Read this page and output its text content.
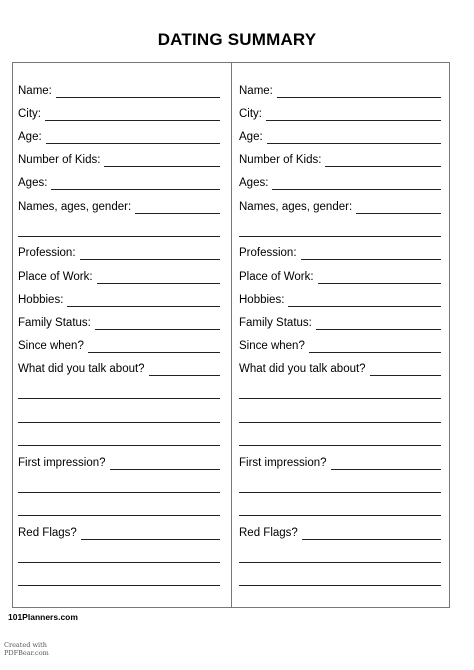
DATING SUMMARY
Name:
City:
Age:
Number of Kids:
Ages:
Names, ages, gender:
Profession:
Place of Work:
Hobbies:
Family Status:
Since when?
What did you talk about?
First impression?
Red Flags?
Name:
City:
Age:
Number of Kids:
Ages:
Names, ages, gender:
Profession:
Place of Work:
Hobbies:
Family Status:
Since when?
What did you talk about?
First impression?
Red Flags?
101Planners.com
Created with
PDFBear.com
